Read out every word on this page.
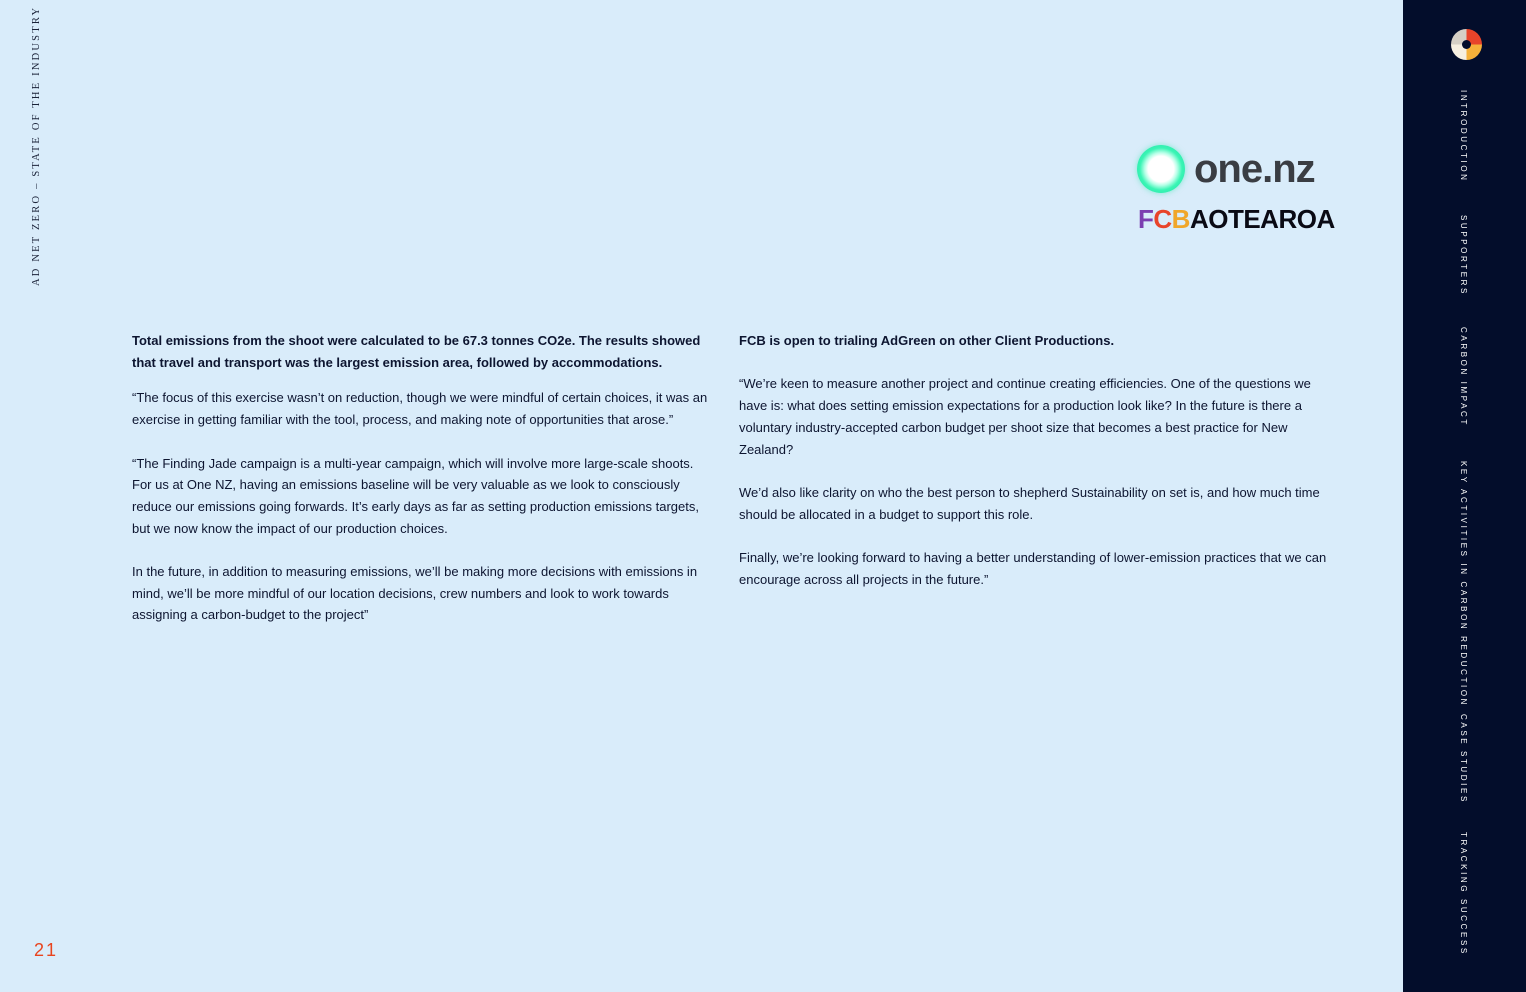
AD NET ZERO – STATE OF THE INDUSTRY	one.nz
F C B AOTEAROA

Total emissions from the shoot were calculated to be 67.3 tonnes CO2e. The results showed that travel and transport was the largest emission area, followed by accommodations.

“The focus of this exercise wasn’t on reduction, though we were mindful of certain choices, it was an exercise in getting familiar with the tool, process, and making note of opportunities that arose.”

“The Finding Jade campaign is a multi-year campaign, which will involve more large-scale shoots. For us at One NZ, having an emissions baseline will be very valuable as we look to consciously reduce our emissions going forwards. It’s early days as far as setting production emissions targets, but we now know the impact of our production choices.

In the future, in addition to measuring emissions, we’ll be making more decisions with emissions in mind, we’ll be more mindful of our location decisions, crew numbers and look to work towards assigning a carbon-budget to the project”

FCB is open to trialing AdGreen on other Client Productions.

“We’re keen to measure another project and continue creating efficiencies. One of the questions we have is: what does setting emission expectations for a production look like? In the future is there a voluntary industry-accepted carbon budget per shoot size that becomes a best practice for New Zealand?

We’d also like clarity on who the best person to shepherd Sustainability on set is, and how much time should be allocated in a budget to support this role.

Finally, we’re looking forward to having a better understanding of lower-emission practices that we can encourage across all projects in the future.”

21
INTRODUCTION
SUPPORTERS
CARBON IMPACT
KEY ACTIVITIES IN CARBON REDUCTION
CASE STUDIES
TRACKING SUCCESS
